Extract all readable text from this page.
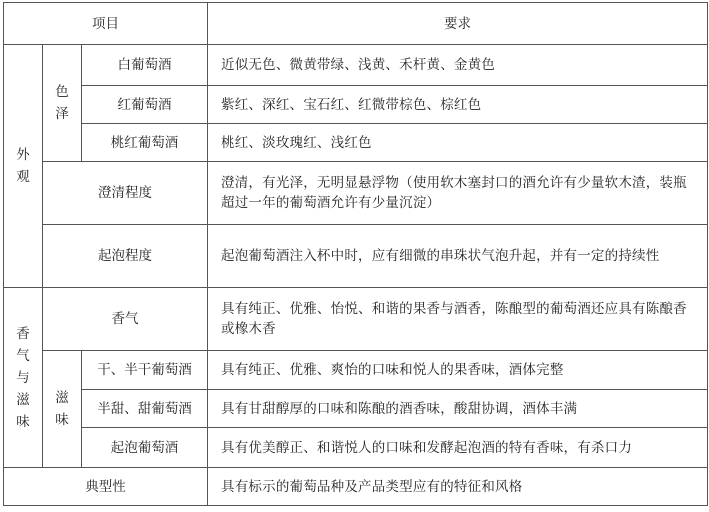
项目			要求
外观	色泽	白葡萄酒	近似无色、微黄带绿、浅黄、禾杆黄、金黄色
		红葡萄酒	紫红、深红、宝石红、红微带棕色、棕红色
		桃红葡萄酒	桃红、淡玫瑰红、浅红色
	澄清程度		澄清，有光泽，无明显悬浮物（使用软木塞封口的酒允许有少量软木渣，装瓶超过一年的葡萄酒允许有少量沉淀）
	起泡程度		起泡葡萄酒注入杯中时，应有细微的串珠状气泡升起，并有一定的持续性
香气与滋味	香气		具有纯正、优雅、怡悦、和谐的果香与酒香，陈酿型的葡萄酒还应具有陈酿香或橡木香
	滋味	干、半干葡萄酒	具有纯正、优雅、爽怡的口味和悦人的果香味，酒体完整
		半甜、甜葡萄酒	具有甘甜醇厚的口味和陈酿的酒香味，酸甜协调，酒体丰满
		起泡葡萄酒	具有优美醇正、和谐悦人的口味和发酵起泡酒的特有香味，有杀口力
典型性			具有标示的葡萄品种及产品类型应有的特征和风格
